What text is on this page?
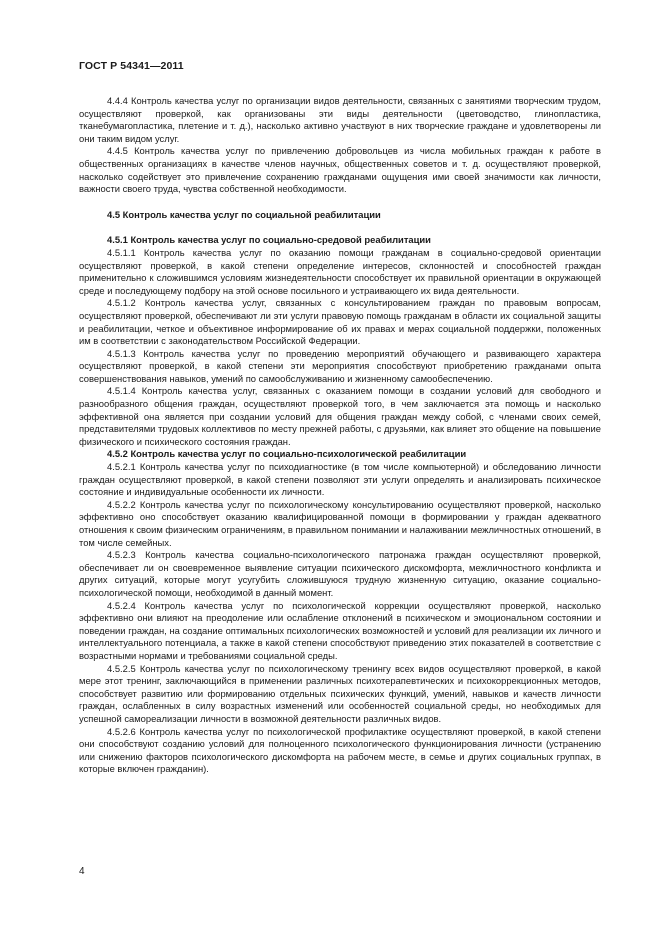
ГОСТ Р 54341—2011

4.4.4 Контроль качества услуг по организации видов деятельности, связанных с занятиями творческим трудом, осуществляют проверкой, как организованы эти виды деятельности (цветоводство, глинопластика, тканебумагопластика, плетение и т. д.), насколько активно участвуют в них творческие граждане и удовлетворены ли они таким видом услуг.

4.4.5 Контроль качества услуг по привлечению добровольцев из числа мобильных граждан к работе в общественных организациях в качестве членов научных, общественных советов и т. д. осуществляют проверкой, насколько содействует это привлечение сохранению гражданами ощущения ими своей значимости как личности, важности своего труда, чувства собственной необходимости.

4.5 Контроль качества услуг по социальной реабилитации

4.5.1 Контроль качества услуг по социально-средовой реабилитации

4.5.1.1 Контроль качества услуг по оказанию помощи гражданам в социально-средовой ориентации осуществляют проверкой, в какой степени определение интересов, склонностей и способностей граждан применительно к сложившимся условиям жизнедеятельности способствует их правильной ориентации в окружающей среде и последующему подбору на этой основе посильного и устраивающего их вида деятельности.

4.5.1.2 Контроль качества услуг, связанных с консультированием граждан по правовым вопросам, осуществляют проверкой, обеспечивают ли эти услуги правовую помощь гражданам в области их социальной защиты и реабилитации, четкое и объективное информирование об их правах и мерах социальной поддержки, положенных им в соответствии с законодательством Российской Федерации.

4.5.1.3 Контроль качества услуг по проведению мероприятий обучающего и развивающего характера осуществляют проверкой, в какой степени эти мероприятия способствуют приобретению гражданами опыта совершенствования навыков, умений по самообслуживанию и жизненному самообеспечению.

4.5.1.4 Контроль качества услуг, связанных с оказанием помощи в создании условий для свободного и разнообразного общения граждан, осуществляют проверкой того, в чем заключается эта помощь и насколько эффективной она является при создании условий для общения граждан между собой, с членами своих семей, представителями трудовых коллективов по месту прежней работы, с друзьями, как влияет это общение на повышение физического и психического состояния граждан.

4.5.2 Контроль качества услуг по социально-психологической реабилитации

4.5.2.1 Контроль качества услуг по психодиагностике (в том числе компьютерной) и обследованию личности граждан осуществляют проверкой, в какой степени позволяют эти услуги определять и анализировать психическое состояние и индивидуальные особенности их личности.

4.5.2.2 Контроль качества услуг по психологическому консультированию осуществляют проверкой, насколько эффективно оно способствует оказанию квалифицированной помощи в формировании у граждан адекватного отношения к своим физическим ограничениям, в правильном понимании и налаживании межличностных отношений, в том числе семейных.

4.5.2.3 Контроль качества социально-психологического патронажа граждан осуществляют проверкой, обеспечивает ли он своевременное выявление ситуации психического дискомфорта, межличностного конфликта и других ситуаций, которые могут усугубить сложившуюся трудную жизненную ситуацию, оказание социально-психологической помощи, необходимой в данный момент.

4.5.2.4 Контроль качества услуг по психологической коррекции осуществляют проверкой, насколько эффективно они влияют на преодоление или ослабление отклонений в психическом и эмоциональном состоянии и поведении граждан, на создание оптимальных психологических возможностей и условий для реализации их личного и интеллектуального потенциала, а также в какой степени способствуют приведению этих показателей в соответствие с возрастными нормами и требованиями социальной среды.

4.5.2.5 Контроль качества услуг по психологическому тренингу всех видов осуществляют проверкой, в какой мере этот тренинг, заключающийся в применении различных психотерапевтических и психокоррекционных методов, способствует развитию или формированию отдельных психических функций, умений, навыков и качеств личности граждан, ослабленных в силу возрастных изменений или особенностей социальной среды, но необходимых для успешной самореализации личности в возможной деятельности различных видов.

4.5.2.6 Контроль качества услуг по психологической профилактике осуществляют проверкой, в какой степени они способствуют созданию условий для полноценного психологического функционирования личности (устранению или снижению факторов психологического дискомфорта на рабочем месте, в семье и других социальных группах, в которые включен гражданин).

4
